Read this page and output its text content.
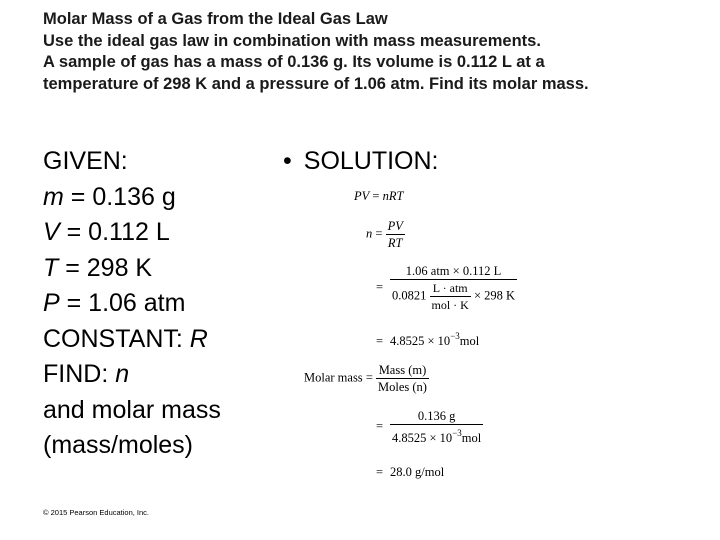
Molar Mass of a Gas from the Ideal Gas Law
Use the ideal gas law in combination with mass measurements.
A sample of gas has a mass of 0.136 g. Its volume is 0.112 L at a
temperature of 298 K and a pressure of 1.06 atm. Find its molar mass.
GIVEN:
m = 0.136 g
V = 0.112 L
T = 298 K
P = 1.06 atm
CONSTANT: R
FIND: n
and molar mass
(mass/moles)
• SOLUTION:
PV = nRT
$n = \frac{PV}{RT}$
= $\frac{\text{1.06 atm × 0.112 L}}{0.0821 \frac{\text{L · atm}}{\text{mol · K}} \times 298 K}$
= $4.8525 \times 10^{-3}mol$
Molar mass = $\frac{\text{Mass (m)}}{\text{Moles (n)}}$
= $\frac{0.136 g}{4.8525 \times 10^{-3}mol}$
= 28.0 g/mol
© 2015 Pearson Education, Inc.
